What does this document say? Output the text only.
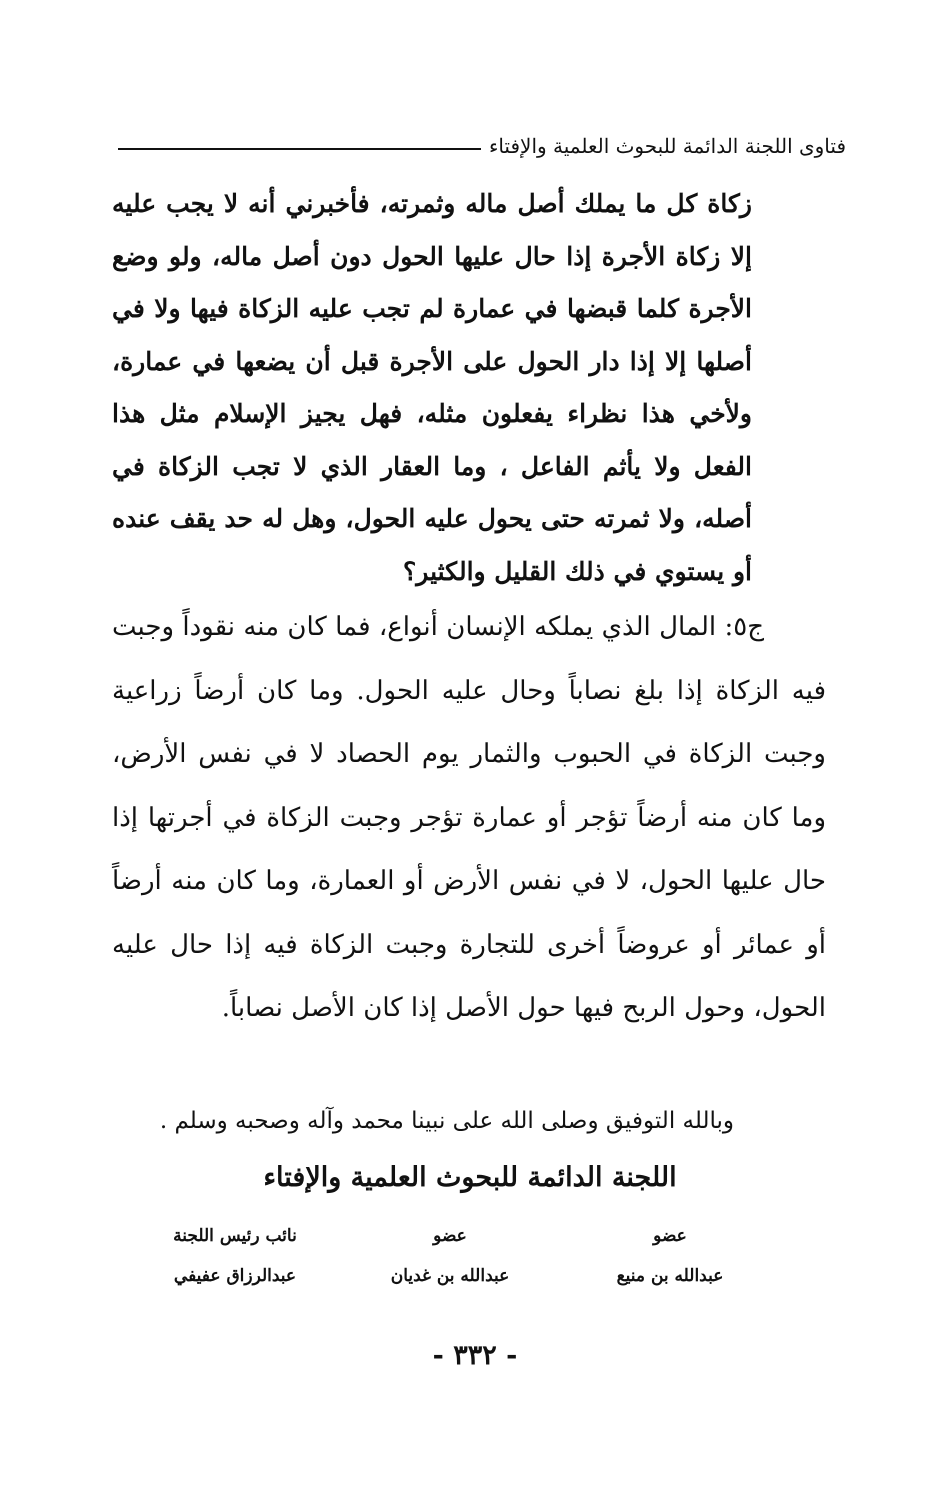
فتاوى اللجنة الدائمة للبحوث العلمية والإفتاء
زكاة كل ما يملك أصل ماله وثمرته، فأخبرني أنه لا يجب عليه إلا زكاة الأجرة إذا حال عليها الحول دون أصل ماله، ولو وضع الأجرة كلما قبضها في عمارة لم تجب عليه الزكاة فيها ولا في أصلها إلا إذا دار الحول على الأجرة قبل أن يضعها في عمارة، ولأخي هذا نظراء يفعلون مثله، فهل يجيز الإسلام مثل هذا الفعل ولا يأثم الفاعل ، وما العقار الذي لا تجب الزكاة في أصله، ولا ثمرته حتى يحول عليه الحول، وهل له حد يقف عنده أو يستوي في ذلك القليل والكثير؟
ج٥: المال الذي يملكه الإنسان أنواع، فما كان منه نقوداً وجبت فيه الزكاة إذا بلغ نصاباً وحال عليه الحول. وما كان أرضاً زراعية وجبت الزكاة في الحبوب والثمار يوم الحصاد لا في نفس الأرض، وما كان منه أرضاً تؤجر أو عمارة تؤجر وجبت الزكاة في أجرتها إذا حال عليها الحول، لا في نفس الأرض أو العمارة، وما كان منه أرضاً أو عمائر أو عروضاً أخرى للتجارة وجبت الزكاة فيه إذا حال عليه الحول، وحول الربح فيها حول الأصل إذا كان الأصل نصاباً.
وبالله التوفيق وصلى الله على نبينا محمد وآله وصحبه وسلم .
اللجنة الدائمة للبحوث العلمية والإفتاء
عضو
عبدالله بن منيع
عضو
عبدالله بن غديان
نائب رئيس اللجنة
عبدالرزاق عفيفي
- ٣٣٢ -
